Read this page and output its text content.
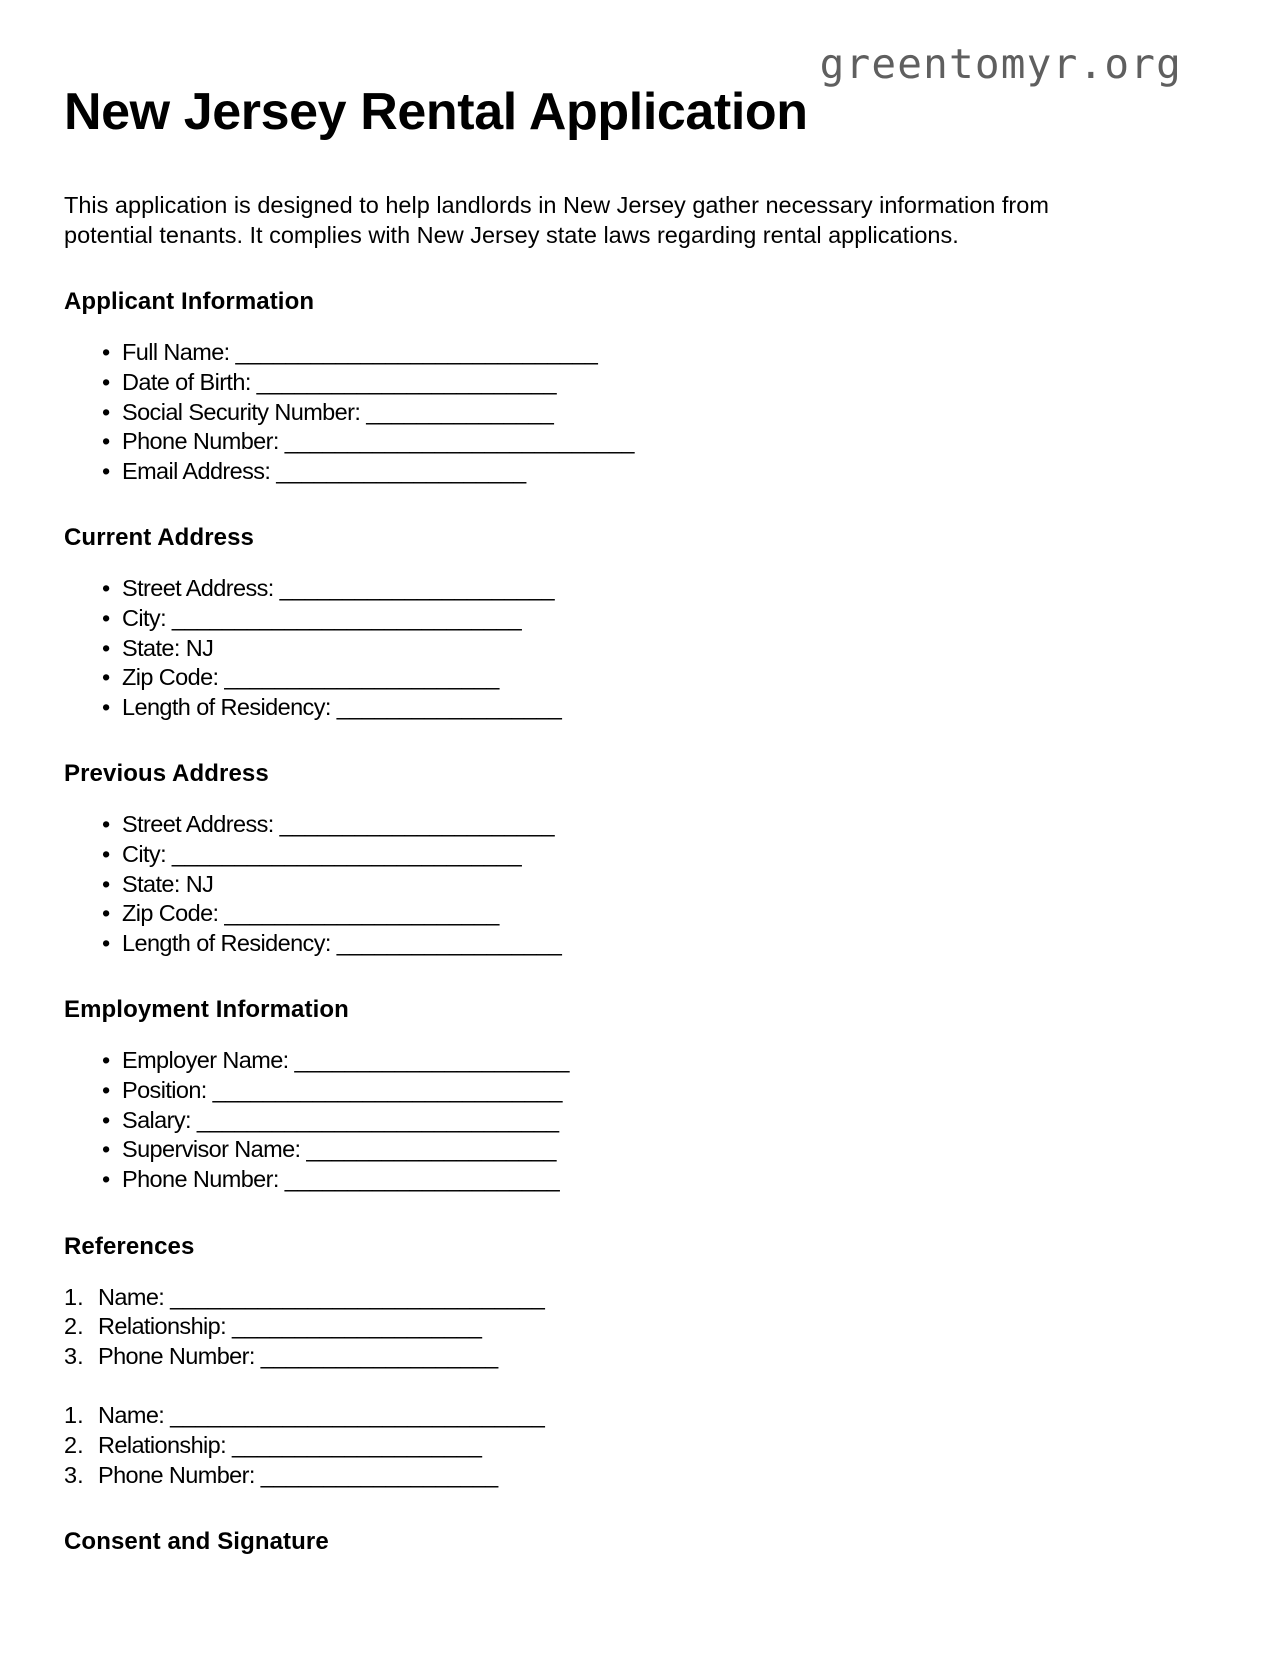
greentomyr.org
New Jersey Rental Application

This application is designed to help landlords in New Jersey gather necessary information from potential tenants. It complies with New Jersey state laws regarding rental applications.

Applicant Information
• Full Name: _____________________________
• Date of Birth: ________________________
• Social Security Number: _______________
• Phone Number: ____________________________
• Email Address: ____________________
Current Address
• Street Address: ______________________
• City: ____________________________
• State: NJ
• Zip Code: ______________________
• Length of Residency: __________________
Previous Address
• Street Address: ______________________
• City: ____________________________
• State: NJ
• Zip Code: ______________________
• Length of Residency: __________________
Employment Information
• Employer Name: ______________________
• Position: ____________________________
• Salary: _____________________________
• Supervisor Name: ____________________
• Phone Number: ______________________
References
Name: ______________________________
Relationship: ____________________
Phone Number: ___________________
Name: ______________________________
Relationship: ____________________
Phone Number: ___________________
Consent and Signature
